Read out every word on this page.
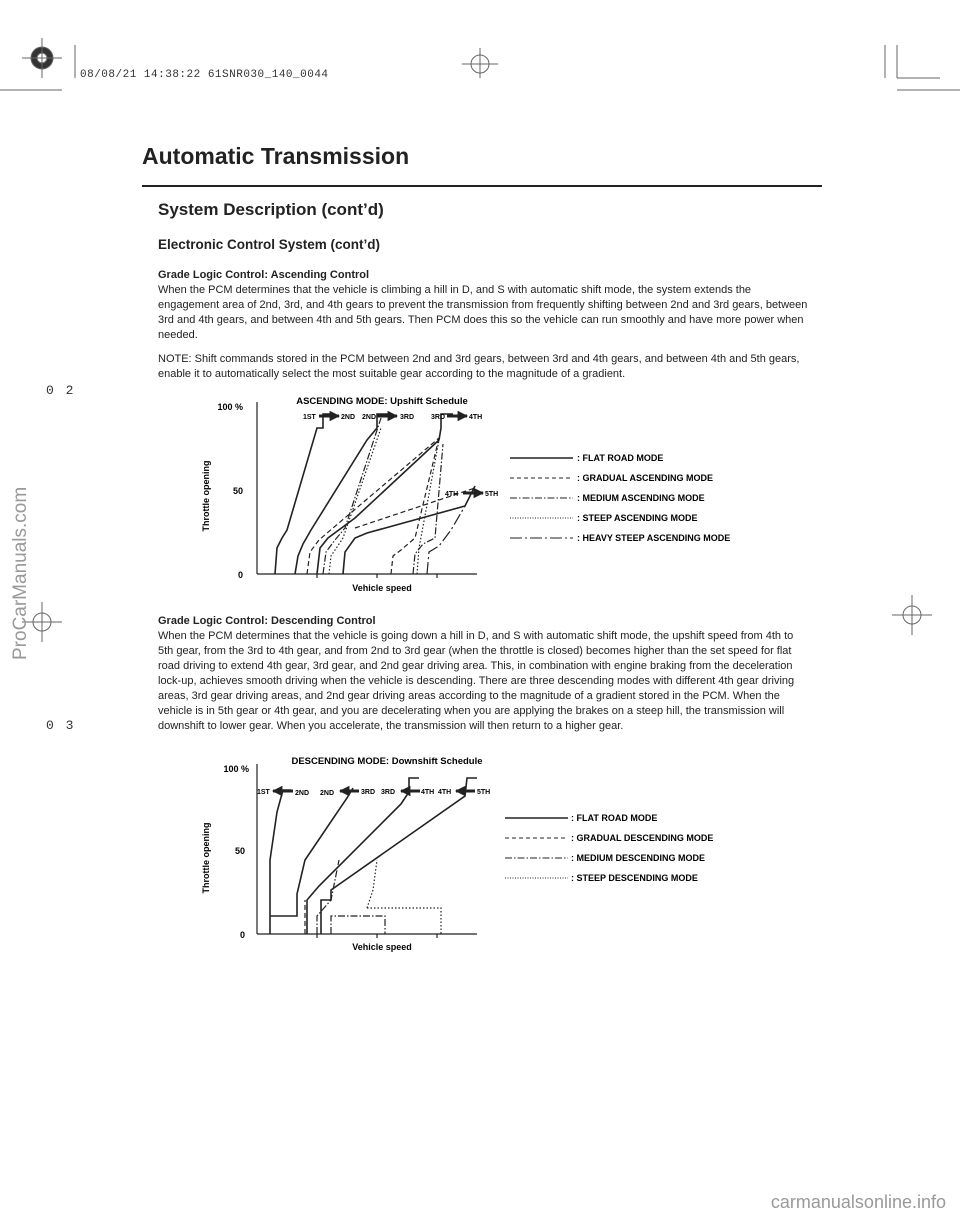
08/08/21 14:38:22 61SNR030_140_0044
Automatic Transmission
System Description (cont’d)
Electronic Control System (cont’d)

Grade Logic Control: Ascending Control

When the PCM determines that the vehicle is climbing a hill in D, and S with automatic shift mode, the system extends the engagement area of 2nd, 3rd, and 4th gears to prevent the transmission from frequently shifting between 2nd and 3rd gears, between 3rd and 4th gears, and between 4th and 5th gears. Then PCM does this so the vehicle can run smoothly and have more power when needed.

NOTE: Shift commands stored in the PCM between 2nd and 3rd gears, between 3rd and 4th gears, and between 4th and 5th gears, enable it to automatically select the most suitable gear according to the magnitude of a gradient.

ASCENDING MODE: Upshift Schedule
100 %
50
0
Throttle opening
Vehicle speed
1ST	2ND 2ND	3RD 3RD	4TH
4TH	5TH
: FLAT ROAD MODE
: GRADUAL ASCENDING MODE
: MEDIUM ASCENDING MODE
: STEEP ASCENDING MODE
: HEAVY STEEP ASCENDING MODE

Grade Logic Control: Descending Control

When the PCM determines that the vehicle is going down a hill in D, and S with automatic shift mode, the upshift speed from 4th to 5th gear, from the 3rd to 4th gear, and from 2nd to 3rd gear (when the throttle is closed) becomes higher than the set speed for flat road driving to extend 4th gear, 3rd gear, and 2nd gear driving area. This, in combination with engine braking from the deceleration lock-up, achieves smooth driving when the vehicle is descending. There are three descending modes with different 4th gear driving areas, 3rd gear driving areas, and 2nd gear driving areas according to the magnitude of a gradient stored in the PCM. When the vehicle is in 5th gear or 4th gear, and you are decelerating when you are applying the brakes on a steep hill, the transmission will downshift to lower gear. When you accelerate, the transmission will then return to a higher gear.

DESCENDING MODE: Downshift Schedule
100 %
50
0
Throttle opening
Vehicle speed
1ST	2ND 2ND	3RD 3RD	4TH 4TH	5TH
: FLAT ROAD MODE
: GRADUAL DESCENDING MODE
: MEDIUM DESCENDING MODE
: STEEP DESCENDING MODE
0 2
0 3
ProCarManuals.com
carmanualsonline.info
